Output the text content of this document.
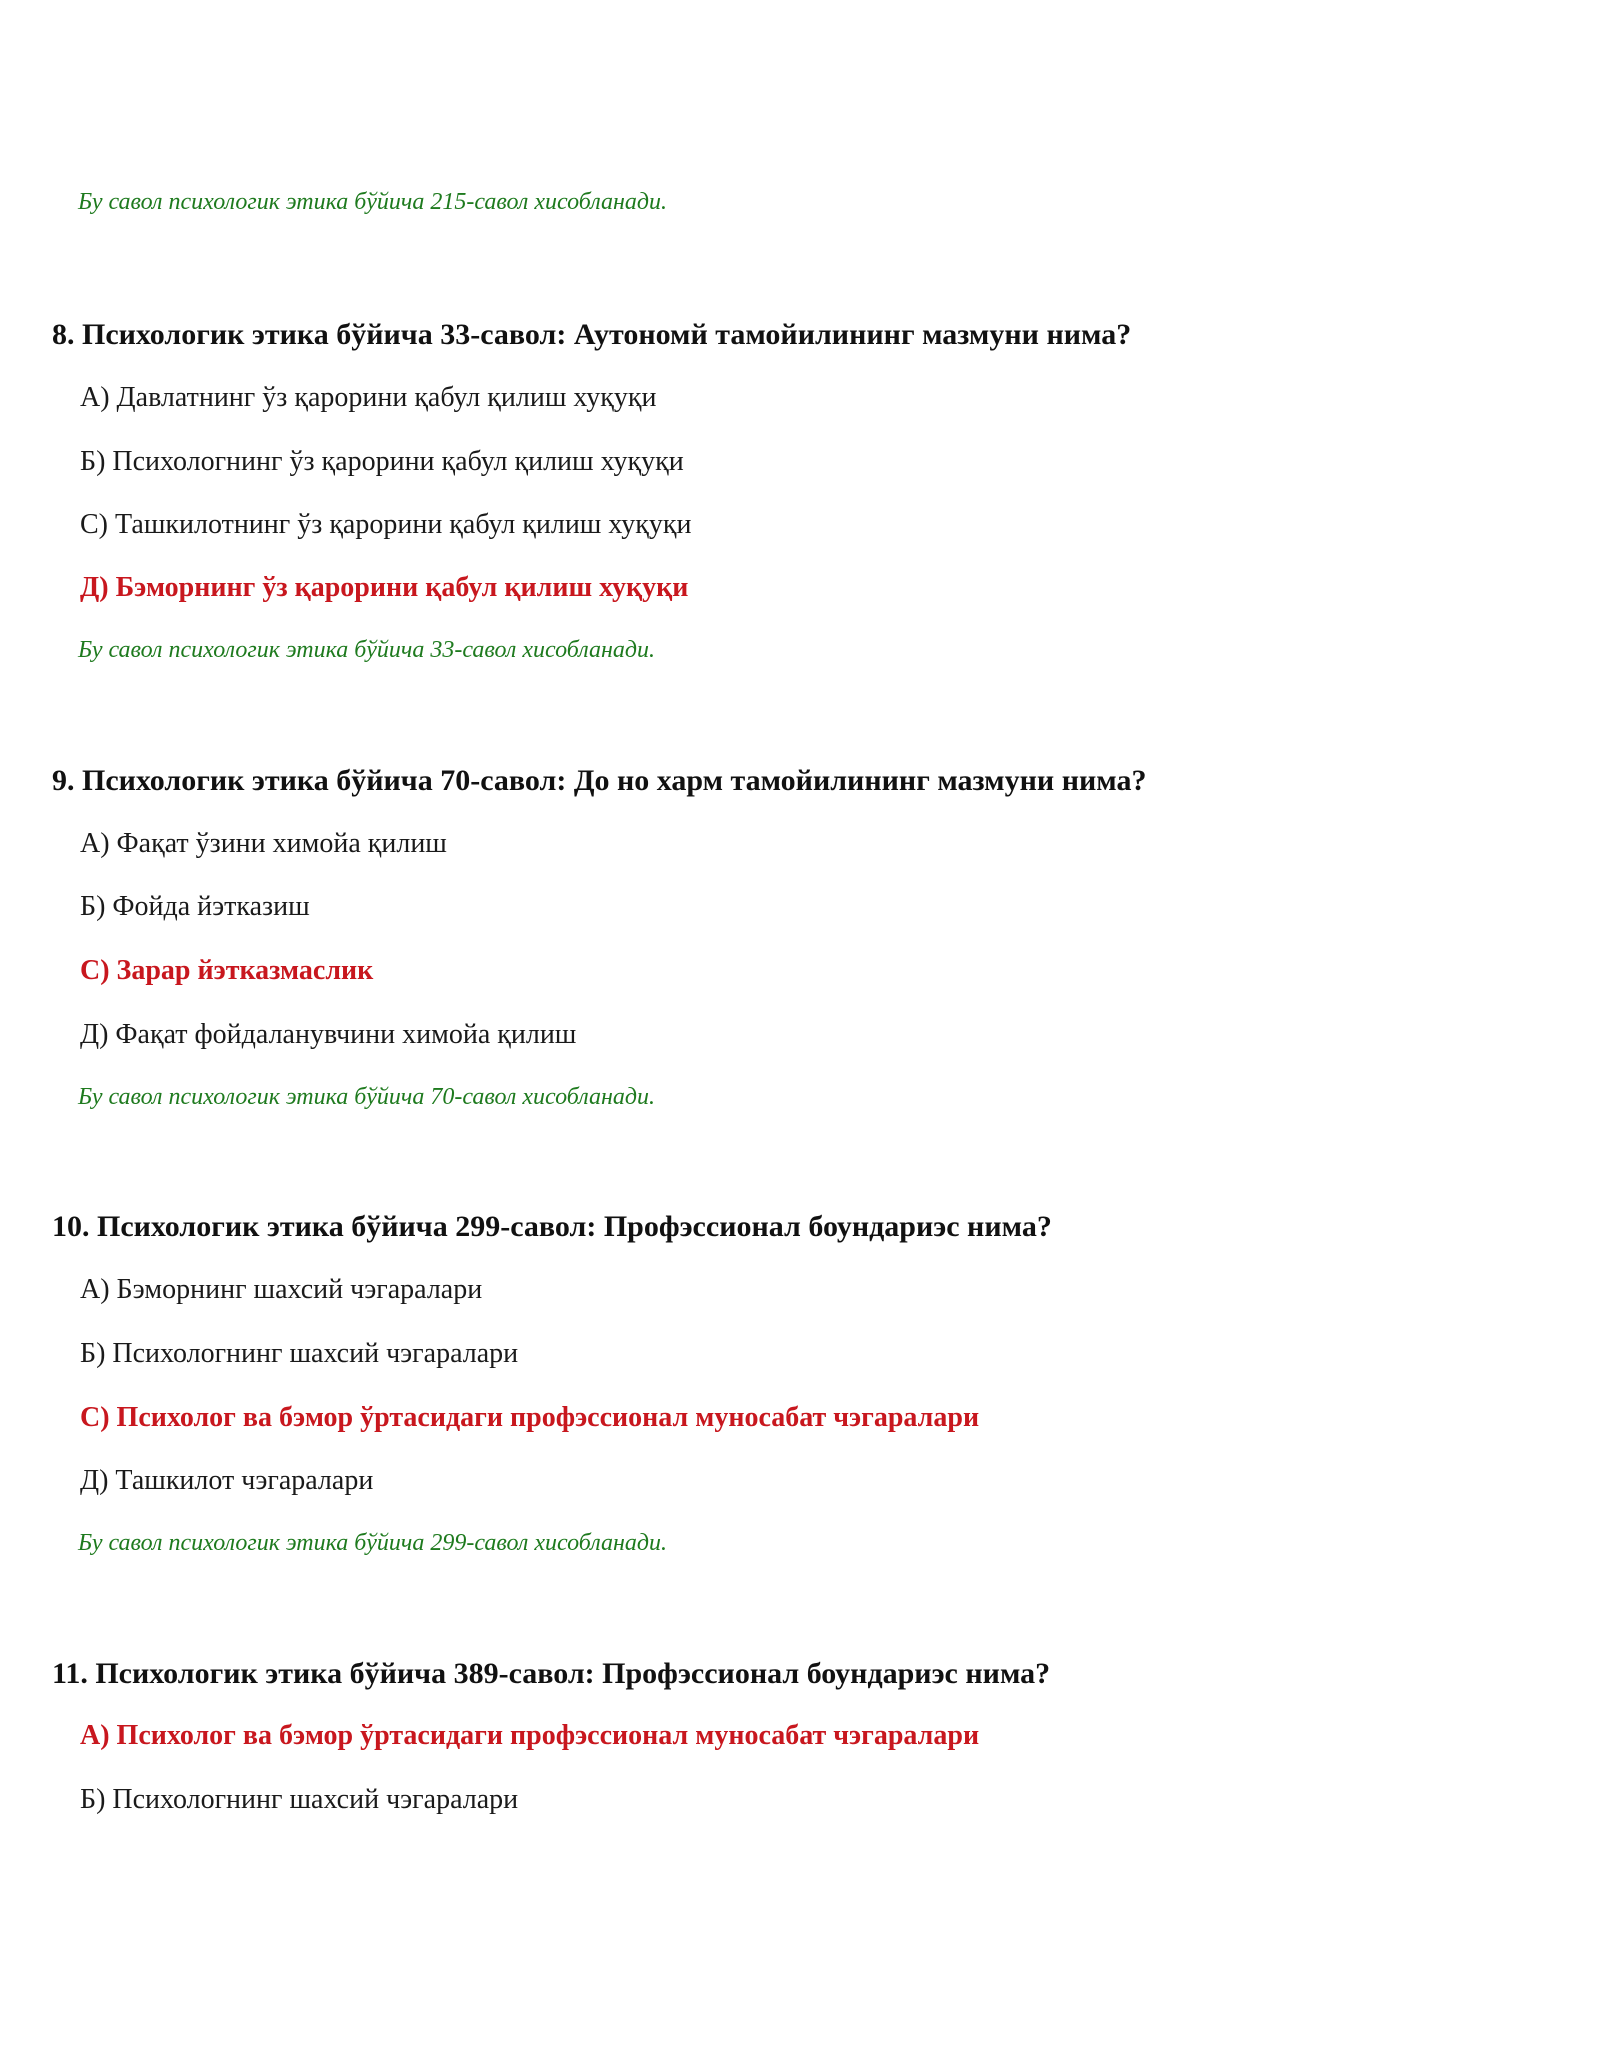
Бу савол психологик этика бўйича 215-савол хисобланади.
8. Психологик этика бўйича 33-савол: Аутономй тамойилининг мазмуни нима?
А) Давлатнинг ўз қарорини қабул қилиш хуқуқи
Б) Психологнинг ўз қарорини қабул қилиш хуқуқи
С) Ташкилотнинг ўз қарорини қабул қилиш хуқуқи
Д) Бэморнинг ўз қарорини қабул қилиш хуқуқи
Бу савол психологик этика бўйича 33-савол хисобланади.
9. Психологик этика бўйича 70-савол: До но харм тамойилининг мазмуни нима?
А) Фақат ўзини химойа қилиш
Б) Фойда йэтказиш
С) Зарар йэтказмаслик
Д) Фақат фойдаланувчини химойа қилиш
Бу савол психологик этика бўйича 70-савол хисобланади.
10. Психологик этика бўйича 299-савол: Профэссионал боундариэс нима?
А) Бэморнинг шахсий чэгаралари
Б) Психологнинг шахсий чэгаралари
С) Психолог ва бэмор ўртасидаги профэссионал муносабат чэгаралари
Д) Ташкилот чэгаралари
Бу савол психологик этика бўйича 299-савол хисобланади.
11. Психологик этика бўйича 389-савол: Профэссионал боундариэс нима?
А) Психолог ва бэмор ўртасидаги профэссионал муносабат чэгаралари
Б) Психологнинг шахсий чэгаралари
